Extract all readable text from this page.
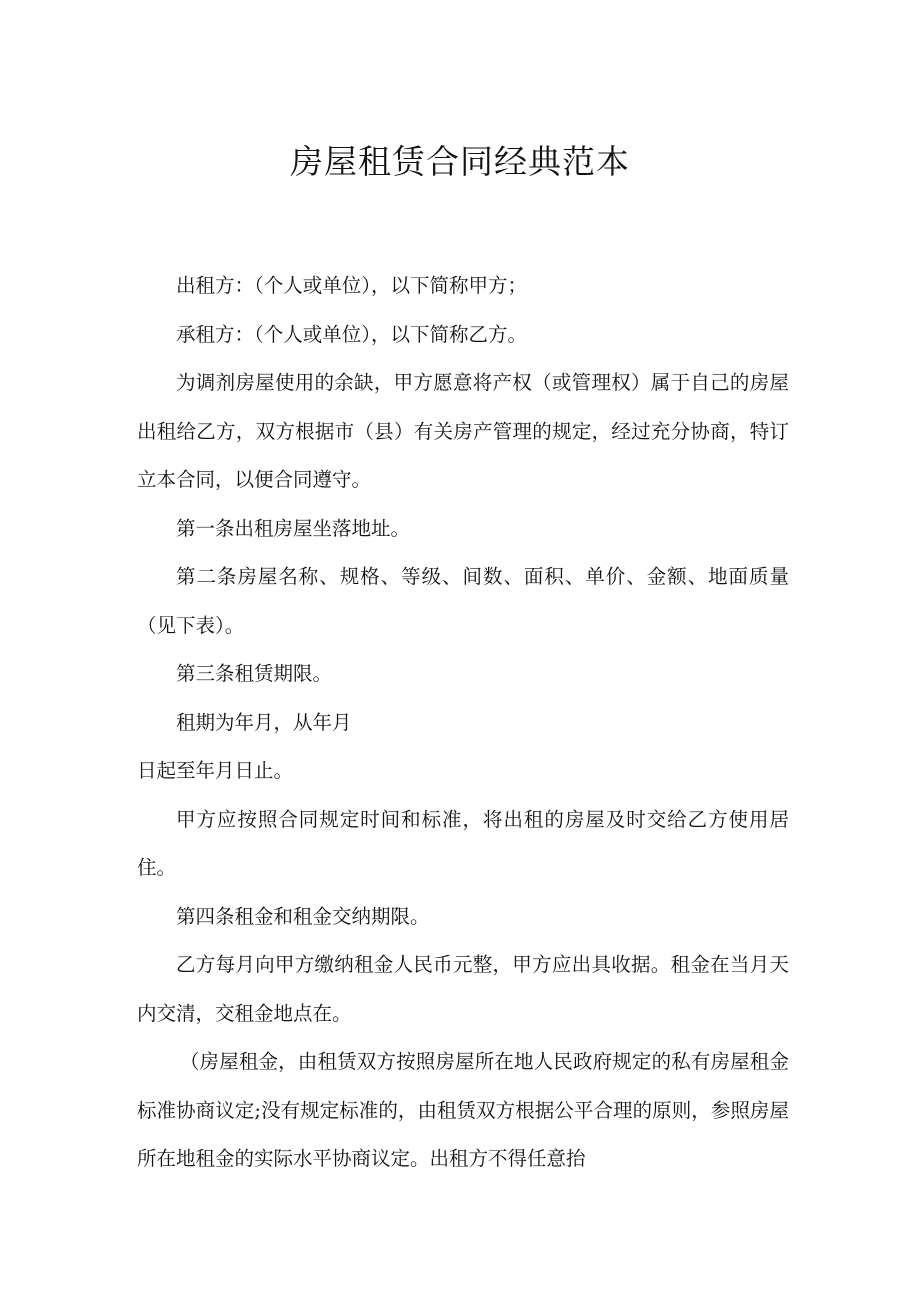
房屋租赁合同经典范本

出租方：（个人或单位），以下简称甲方；

承租方：（个人或单位），以下简称乙方。

为调剂房屋使用的余缺，甲方愿意将产权（或管理权）属于自己的房屋出租给乙方，双方根据市（县）有关房产管理的规定，经过充分协商，特订立本合同，以便合同遵守。

第一条出租房屋坐落地址。

第二条房屋名称、规格、等级、间数、面积、单价、金额、地面质量（见下表）。

第三条租赁期限。

租期为年月，从年月

日起至年月日止。

甲方应按照合同规定时间和标准，将出租的房屋及时交给乙方使用居住。

第四条租金和租金交纳期限。

乙方每月向甲方缴纳租金人民币元整，甲方应出具收据。租金在当月天内交清，交租金地点在。

（房屋租金，由租赁双方按照房屋所在地人民政府规定的私有房屋租金标准协商议定;没有规定标准的，由租赁双方根据公平合理的原则，参照房屋所在地租金的实际水平协商议定。出租方不得任意抬
